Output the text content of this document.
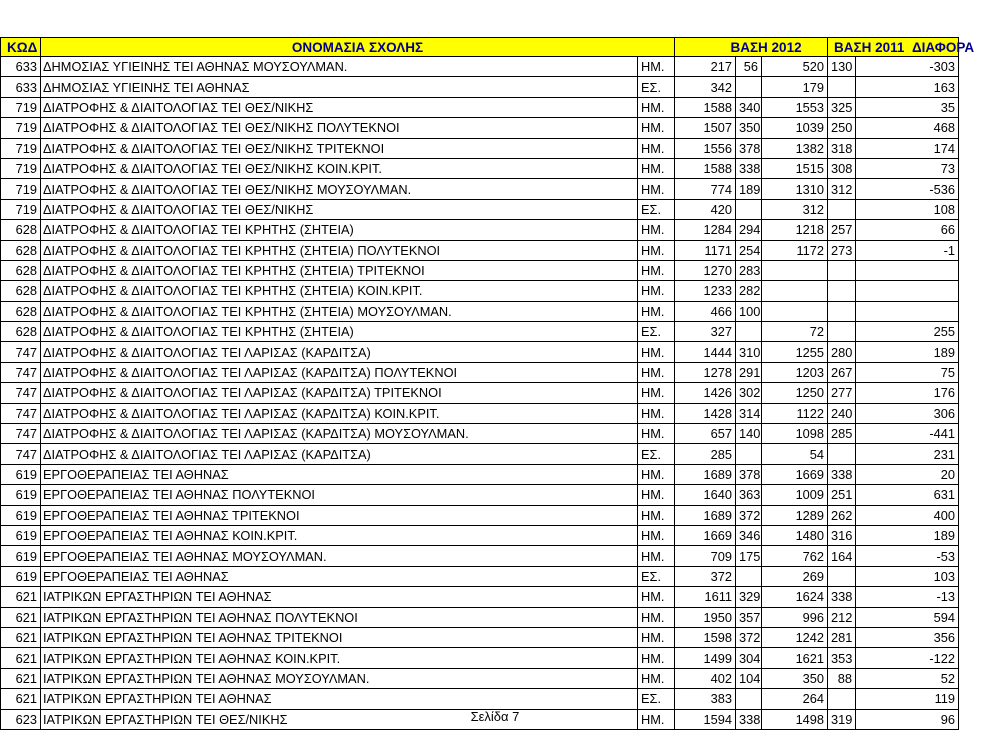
ΣΥΓΚΡΙΣΗ ΒΑΣΕΩΝ 2012-2011 ΕΠΑΛ Α
ΚΩΔ	ΟΝΟΜΑΣΙΑ ΣΧΟΛΗΣ		ΒΑΣΗ 2012			ΒΑΣΗ 2011 ΔΙΑΦΟΡΑ	
633	ΔΗΜΟΣΙΑΣ ΥΓΙΕΙΝΗΣ ΤΕΙ ΑΘΗΝΑΣ ΜΟΥΣΟΥΛΜΑΝ.	ΗΜ.	217	56	520	130	-303
633	ΔΗΜΟΣΙΑΣ ΥΓΙΕΙΝΗΣ ΤΕΙ ΑΘΗΝΑΣ	ΕΣ.	342		179		163
719	ΔΙΑΤΡΟΦΗΣ & ΔΙΑΙΤΟΛΟΓΙΑΣ ΤΕΙ ΘΕΣ/ΝΙΚΗΣ	ΗΜ.	1588	340	1553	325	35
719	ΔΙΑΤΡΟΦΗΣ & ΔΙΑΙΤΟΛΟΓΙΑΣ ΤΕΙ ΘΕΣ/ΝΙΚΗΣ ΠΟΛΥΤΕΚΝΟΙ	ΗΜ.	1507	350	1039	250	468
719	ΔΙΑΤΡΟΦΗΣ & ΔΙΑΙΤΟΛΟΓΙΑΣ ΤΕΙ ΘΕΣ/ΝΙΚΗΣ ΤΡΙΤΕΚΝΟΙ	ΗΜ.	1556	378	1382	318	174
719	ΔΙΑΤΡΟΦΗΣ & ΔΙΑΙΤΟΛΟΓΙΑΣ ΤΕΙ ΘΕΣ/ΝΙΚΗΣ ΚΟΙΝ.ΚΡΙΤ.	ΗΜ.	1588	338	1515	308	73
719	ΔΙΑΤΡΟΦΗΣ & ΔΙΑΙΤΟΛΟΓΙΑΣ ΤΕΙ ΘΕΣ/ΝΙΚΗΣ ΜΟΥΣΟΥΛΜΑΝ.	ΗΜ.	774	189	1310	312	-536
719	ΔΙΑΤΡΟΦΗΣ & ΔΙΑΙΤΟΛΟΓΙΑΣ ΤΕΙ ΘΕΣ/ΝΙΚΗΣ	ΕΣ.	420		312		108
628	ΔΙΑΤΡΟΦΗΣ & ΔΙΑΙΤΟΛΟΓΙΑΣ ΤΕΙ ΚΡΗΤΗΣ (ΣΗΤΕΙΑ)	ΗΜ.	1284	294	1218	257	66
628	ΔΙΑΤΡΟΦΗΣ & ΔΙΑΙΤΟΛΟΓΙΑΣ ΤΕΙ ΚΡΗΤΗΣ (ΣΗΤΕΙΑ) ΠΟΛΥΤΕΚΝΟΙ	ΗΜ.	1171	254	1172	273	-1
628	ΔΙΑΤΡΟΦΗΣ & ΔΙΑΙΤΟΛΟΓΙΑΣ ΤΕΙ ΚΡΗΤΗΣ (ΣΗΤΕΙΑ) ΤΡΙΤΕΚΝΟΙ	ΗΜ.	1270	283			
628	ΔΙΑΤΡΟΦΗΣ & ΔΙΑΙΤΟΛΟΓΙΑΣ ΤΕΙ ΚΡΗΤΗΣ (ΣΗΤΕΙΑ) ΚΟΙΝ.ΚΡΙΤ.	ΗΜ.	1233	282			
628	ΔΙΑΤΡΟΦΗΣ & ΔΙΑΙΤΟΛΟΓΙΑΣ ΤΕΙ ΚΡΗΤΗΣ (ΣΗΤΕΙΑ) ΜΟΥΣΟΥΛΜΑΝ.	ΗΜ.	466	100			
628	ΔΙΑΤΡΟΦΗΣ & ΔΙΑΙΤΟΛΟΓΙΑΣ ΤΕΙ ΚΡΗΤΗΣ (ΣΗΤΕΙΑ)	ΕΣ.	327		72		255
747	ΔΙΑΤΡΟΦΗΣ & ΔΙΑΙΤΟΛΟΓΙΑΣ ΤΕΙ ΛΑΡΙΣΑΣ (ΚΑΡΔΙΤΣΑ)	ΗΜ.	1444	310	1255	280	189
747	ΔΙΑΤΡΟΦΗΣ & ΔΙΑΙΤΟΛΟΓΙΑΣ ΤΕΙ ΛΑΡΙΣΑΣ (ΚΑΡΔΙΤΣΑ) ΠΟΛΥΤΕΚΝΟΙ	ΗΜ.	1278	291	1203	267	75
747	ΔΙΑΤΡΟΦΗΣ & ΔΙΑΙΤΟΛΟΓΙΑΣ ΤΕΙ ΛΑΡΙΣΑΣ (ΚΑΡΔΙΤΣΑ) ΤΡΙΤΕΚΝΟΙ	ΗΜ.	1426	302	1250	277	176
747	ΔΙΑΤΡΟΦΗΣ & ΔΙΑΙΤΟΛΟΓΙΑΣ ΤΕΙ ΛΑΡΙΣΑΣ (ΚΑΡΔΙΤΣΑ) ΚΟΙΝ.ΚΡΙΤ.	ΗΜ.	1428	314	1122	240	306
747	ΔΙΑΤΡΟΦΗΣ & ΔΙΑΙΤΟΛΟΓΙΑΣ ΤΕΙ ΛΑΡΙΣΑΣ (ΚΑΡΔΙΤΣΑ) ΜΟΥΣΟΥΛΜΑΝ.	ΗΜ.	657	140	1098	285	-441
747	ΔΙΑΤΡΟΦΗΣ & ΔΙΑΙΤΟΛΟΓΙΑΣ ΤΕΙ ΛΑΡΙΣΑΣ (ΚΑΡΔΙΤΣΑ)	ΕΣ.	285		54		231
619	ΕΡΓΟΘΕΡΑΠΕΙΑΣ ΤΕΙ ΑΘΗΝΑΣ	ΗΜ.	1689	378	1669	338	20
619	ΕΡΓΟΘΕΡΑΠΕΙΑΣ ΤΕΙ ΑΘΗΝΑΣ ΠΟΛΥΤΕΚΝΟΙ	ΗΜ.	1640	363	1009	251	631
619	ΕΡΓΟΘΕΡΑΠΕΙΑΣ ΤΕΙ ΑΘΗΝΑΣ ΤΡΙΤΕΚΝΟΙ	ΗΜ.	1689	372	1289	262	400
619	ΕΡΓΟΘΕΡΑΠΕΙΑΣ ΤΕΙ ΑΘΗΝΑΣ ΚΟΙΝ.ΚΡΙΤ.	ΗΜ.	1669	346	1480	316	189
619	ΕΡΓΟΘΕΡΑΠΕΙΑΣ ΤΕΙ ΑΘΗΝΑΣ ΜΟΥΣΟΥΛΜΑΝ.	ΗΜ.	709	175	762	164	-53
619	ΕΡΓΟΘΕΡΑΠΕΙΑΣ ΤΕΙ ΑΘΗΝΑΣ	ΕΣ.	372		269		103
621	ΙΑΤΡΙΚΩΝ ΕΡΓΑΣΤΗΡΙΩΝ ΤΕΙ ΑΘΗΝΑΣ	ΗΜ.	1611	329	1624	338	-13
621	ΙΑΤΡΙΚΩΝ ΕΡΓΑΣΤΗΡΙΩΝ ΤΕΙ ΑΘΗΝΑΣ ΠΟΛΥΤΕΚΝΟΙ	ΗΜ.	1950	357	996	212	594
621	ΙΑΤΡΙΚΩΝ ΕΡΓΑΣΤΗΡΙΩΝ ΤΕΙ ΑΘΗΝΑΣ ΤΡΙΤΕΚΝΟΙ	ΗΜ.	1598	372	1242	281	356
621	ΙΑΤΡΙΚΩΝ ΕΡΓΑΣΤΗΡΙΩΝ ΤΕΙ ΑΘΗΝΑΣ ΚΟΙΝ.ΚΡΙΤ.	ΗΜ.	1499	304	1621	353	-122
621	ΙΑΤΡΙΚΩΝ ΕΡΓΑΣΤΗΡΙΩΝ ΤΕΙ ΑΘΗΝΑΣ ΜΟΥΣΟΥΛΜΑΝ.	ΗΜ.	402	104	350	88	52
621	ΙΑΤΡΙΚΩΝ ΕΡΓΑΣΤΗΡΙΩΝ ΤΕΙ ΑΘΗΝΑΣ	ΕΣ.	383		264		119
623	ΙΑΤΡΙΚΩΝ ΕΡΓΑΣΤΗΡΙΩΝ ΤΕΙ ΘΕΣ/ΝΙΚΗΣ	ΗΜ.	1594	338	1498	319	96
Σελίδα 7
